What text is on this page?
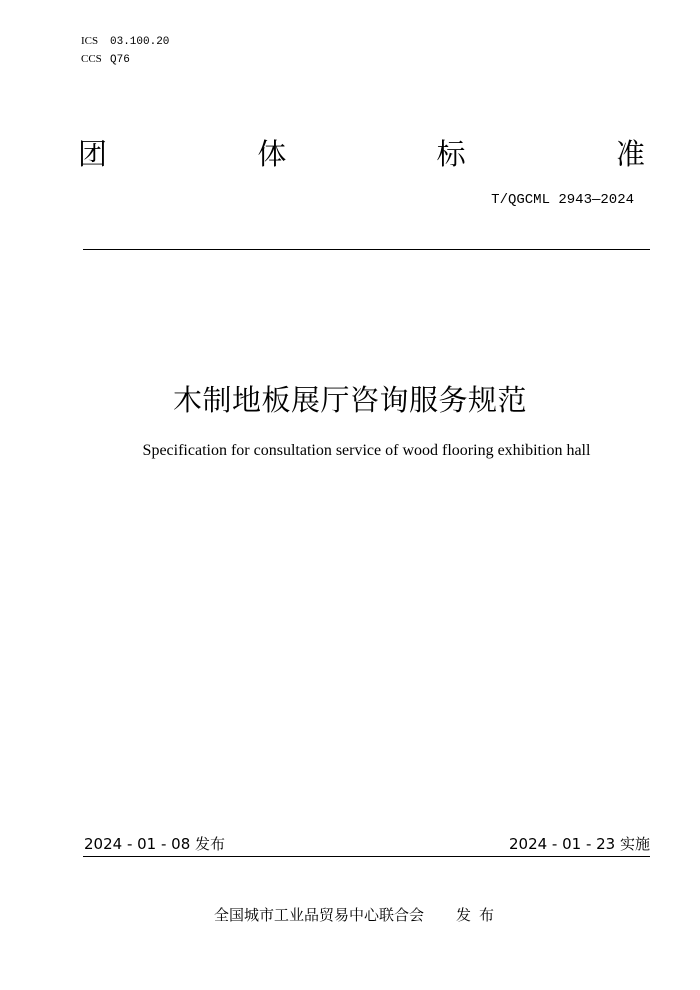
ICS 03.100.20
CCS Q76
团	体	标	准
T/QGCML 2943—2024
木制地板展厅咨询服务规范
Specification for consultation service of wood flooring exhibition hall
2024 - 01 - 08 发布	2024 - 01 - 23 实施
全国城市工业品贸易中心联合会 发布
